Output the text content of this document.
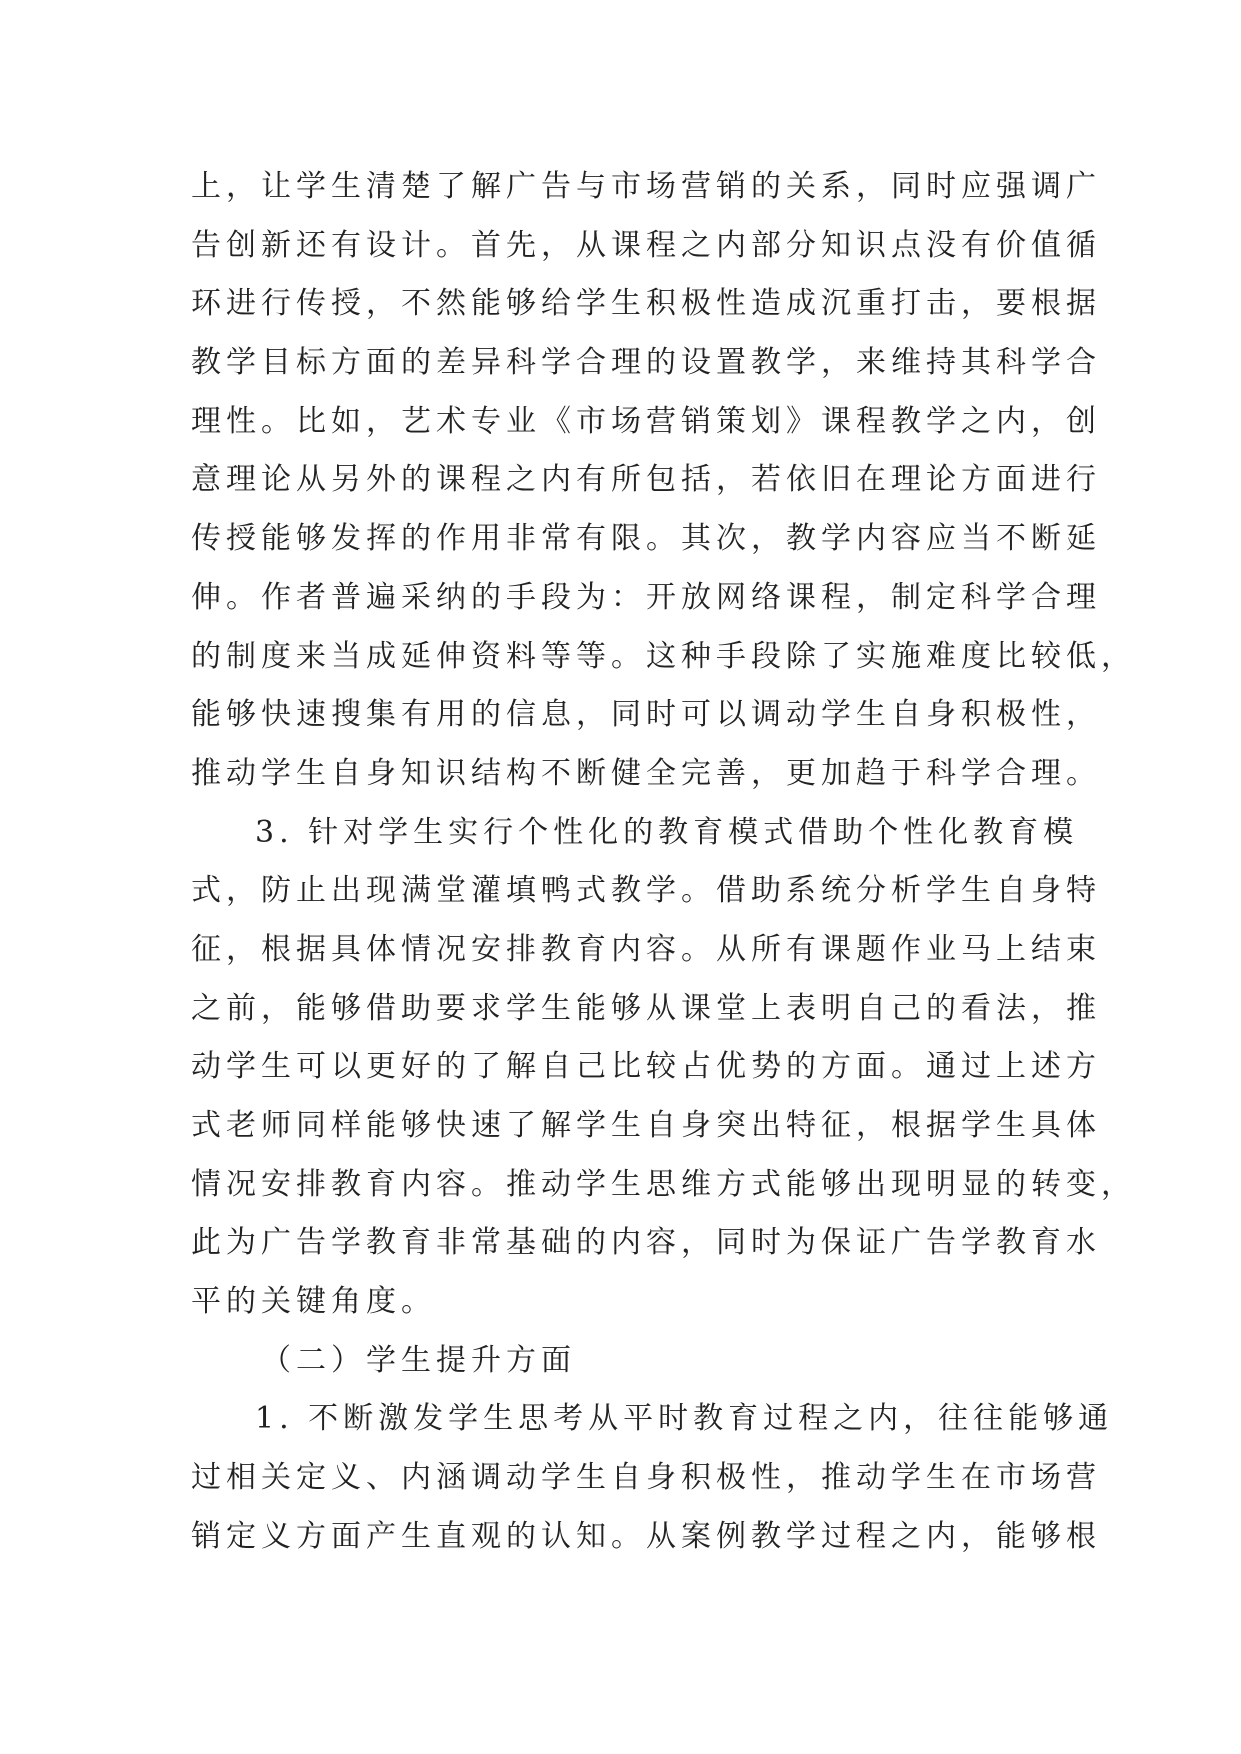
上，让学生清楚了解广告与市场营销的关系，同时应强调广
告创新还有设计。首先，从课程之内部分知识点没有价值循
环进行传授，不然能够给学生积极性造成沉重打击，要根据
教学目标方面的差异科学合理的设置教学，来维持其科学合
理性。比如，艺术专业《市场营销策划》课程教学之内，创
意理论从另外的课程之内有所包括，若依旧在理论方面进行
传授能够发挥的作用非常有限。其次，教学内容应当不断延
伸。作者普遍采纳的手段为：开放网络课程，制定科学合理
的制度来当成延伸资料等等。这种手段除了实施难度比较低，
能够快速搜集有用的信息，同时可以调动学生自身积极性，
推动学生自身知识结构不断健全完善，更加趋于科学合理。
3. 针对学生实行个性化的教育模式借助个性化教育模
式，防止出现满堂灌填鸭式教学。借助系统分析学生自身特
征，根据具体情况安排教育内容。从所有课题作业马上结束
之前，能够借助要求学生能够从课堂上表明自己的看法，推
动学生可以更好的了解自己比较占优势的方面。通过上述方
式老师同样能够快速了解学生自身突出特征，根据学生具体
情况安排教育内容。推动学生思维方式能够出现明显的转变，
此为广告学教育非常基础的内容，同时为保证广告学教育水
平的关键角度。
（二）学生提升方面
1. 不断激发学生思考从平时教育过程之内，往往能够通
过相关定义、内涵调动学生自身积极性，推动学生在市场营
销定义方面产生直观的认知。从案例教学过程之内，能够根
